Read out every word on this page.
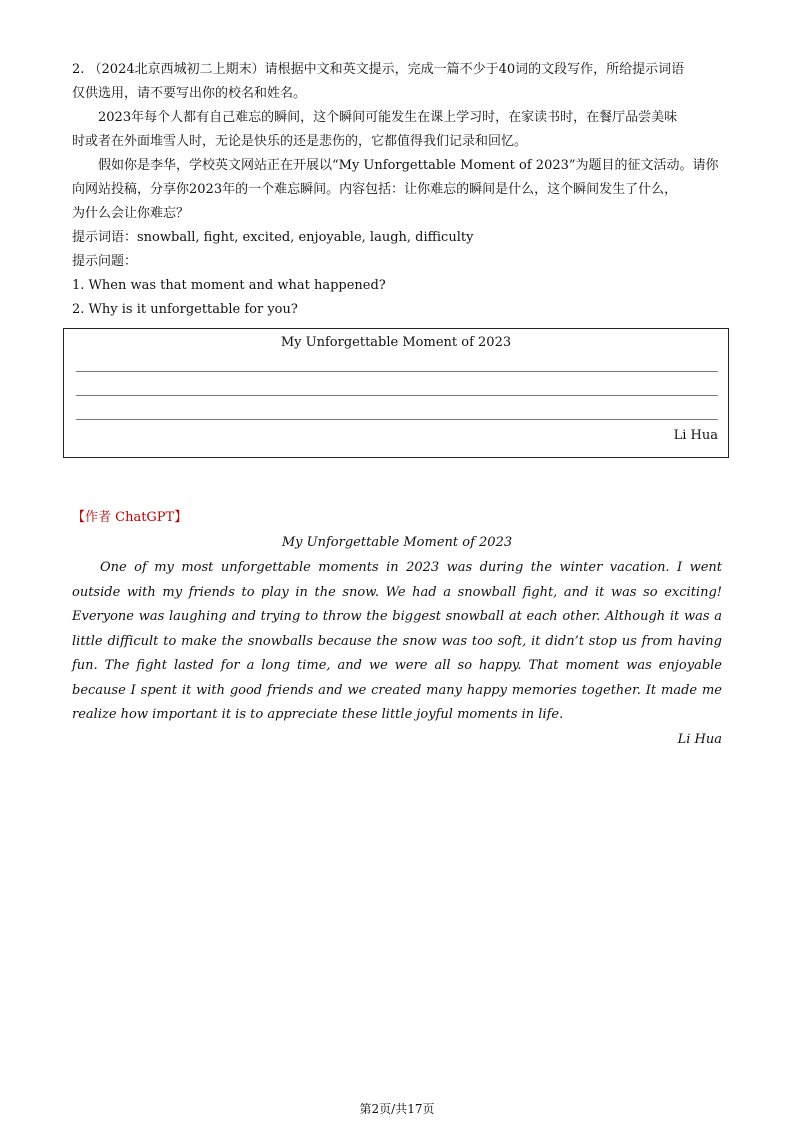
2. （2024北京西城初二上期末）请根据中文和英文提示，完成一篇不少于40词的文段写作，所给提示词语

仅供选用，请不要写出你的校名和姓名。

2023年每个人都有自己难忘的瞬间，这个瞬间可能发生在课上学习时，在家读书时，在餐厅品尝美味

时或者在外面堆雪人时，无论是快乐的还是悲伤的，它都值得我们记录和回忆。

假如你是李华，学校英文网站正在开展以“My Unforgettable Moment of 2023”为题目的征文活动。请你

向网站投稿，分享你2023年的一个难忘瞬间。内容包括：让你难忘的瞬间是什么，这个瞬间发生了什么，

为什么会让你难忘？

提示词语：snowball, fight, excited, enjoyable, laugh, difficulty

提示问题：

1. When was that moment and what happened?

2. Why is it unforgettable for you?

My Unforgettable Moment of 2023
Li Hua
【作者 ChatGPT】
My Unforgettable Moment of 2023

One of my most unforgettable moments in 2023 was during the winter vacation. I went outside with my friends to play in the snow. We had a snowball fight, and it was so exciting! Everyone was laughing and trying to throw the biggest snowball at each other. Although it was a little difficult to make the snowballs because the snow was too soft, it didn’t stop us from having fun. The fight lasted for a long time, and we were all so happy. That moment was enjoyable because I spent it with good friends and we created many happy memories together. It made me realize how important it is to appreciate these little joyful moments in life.

Li Hua
第2页/共17页
